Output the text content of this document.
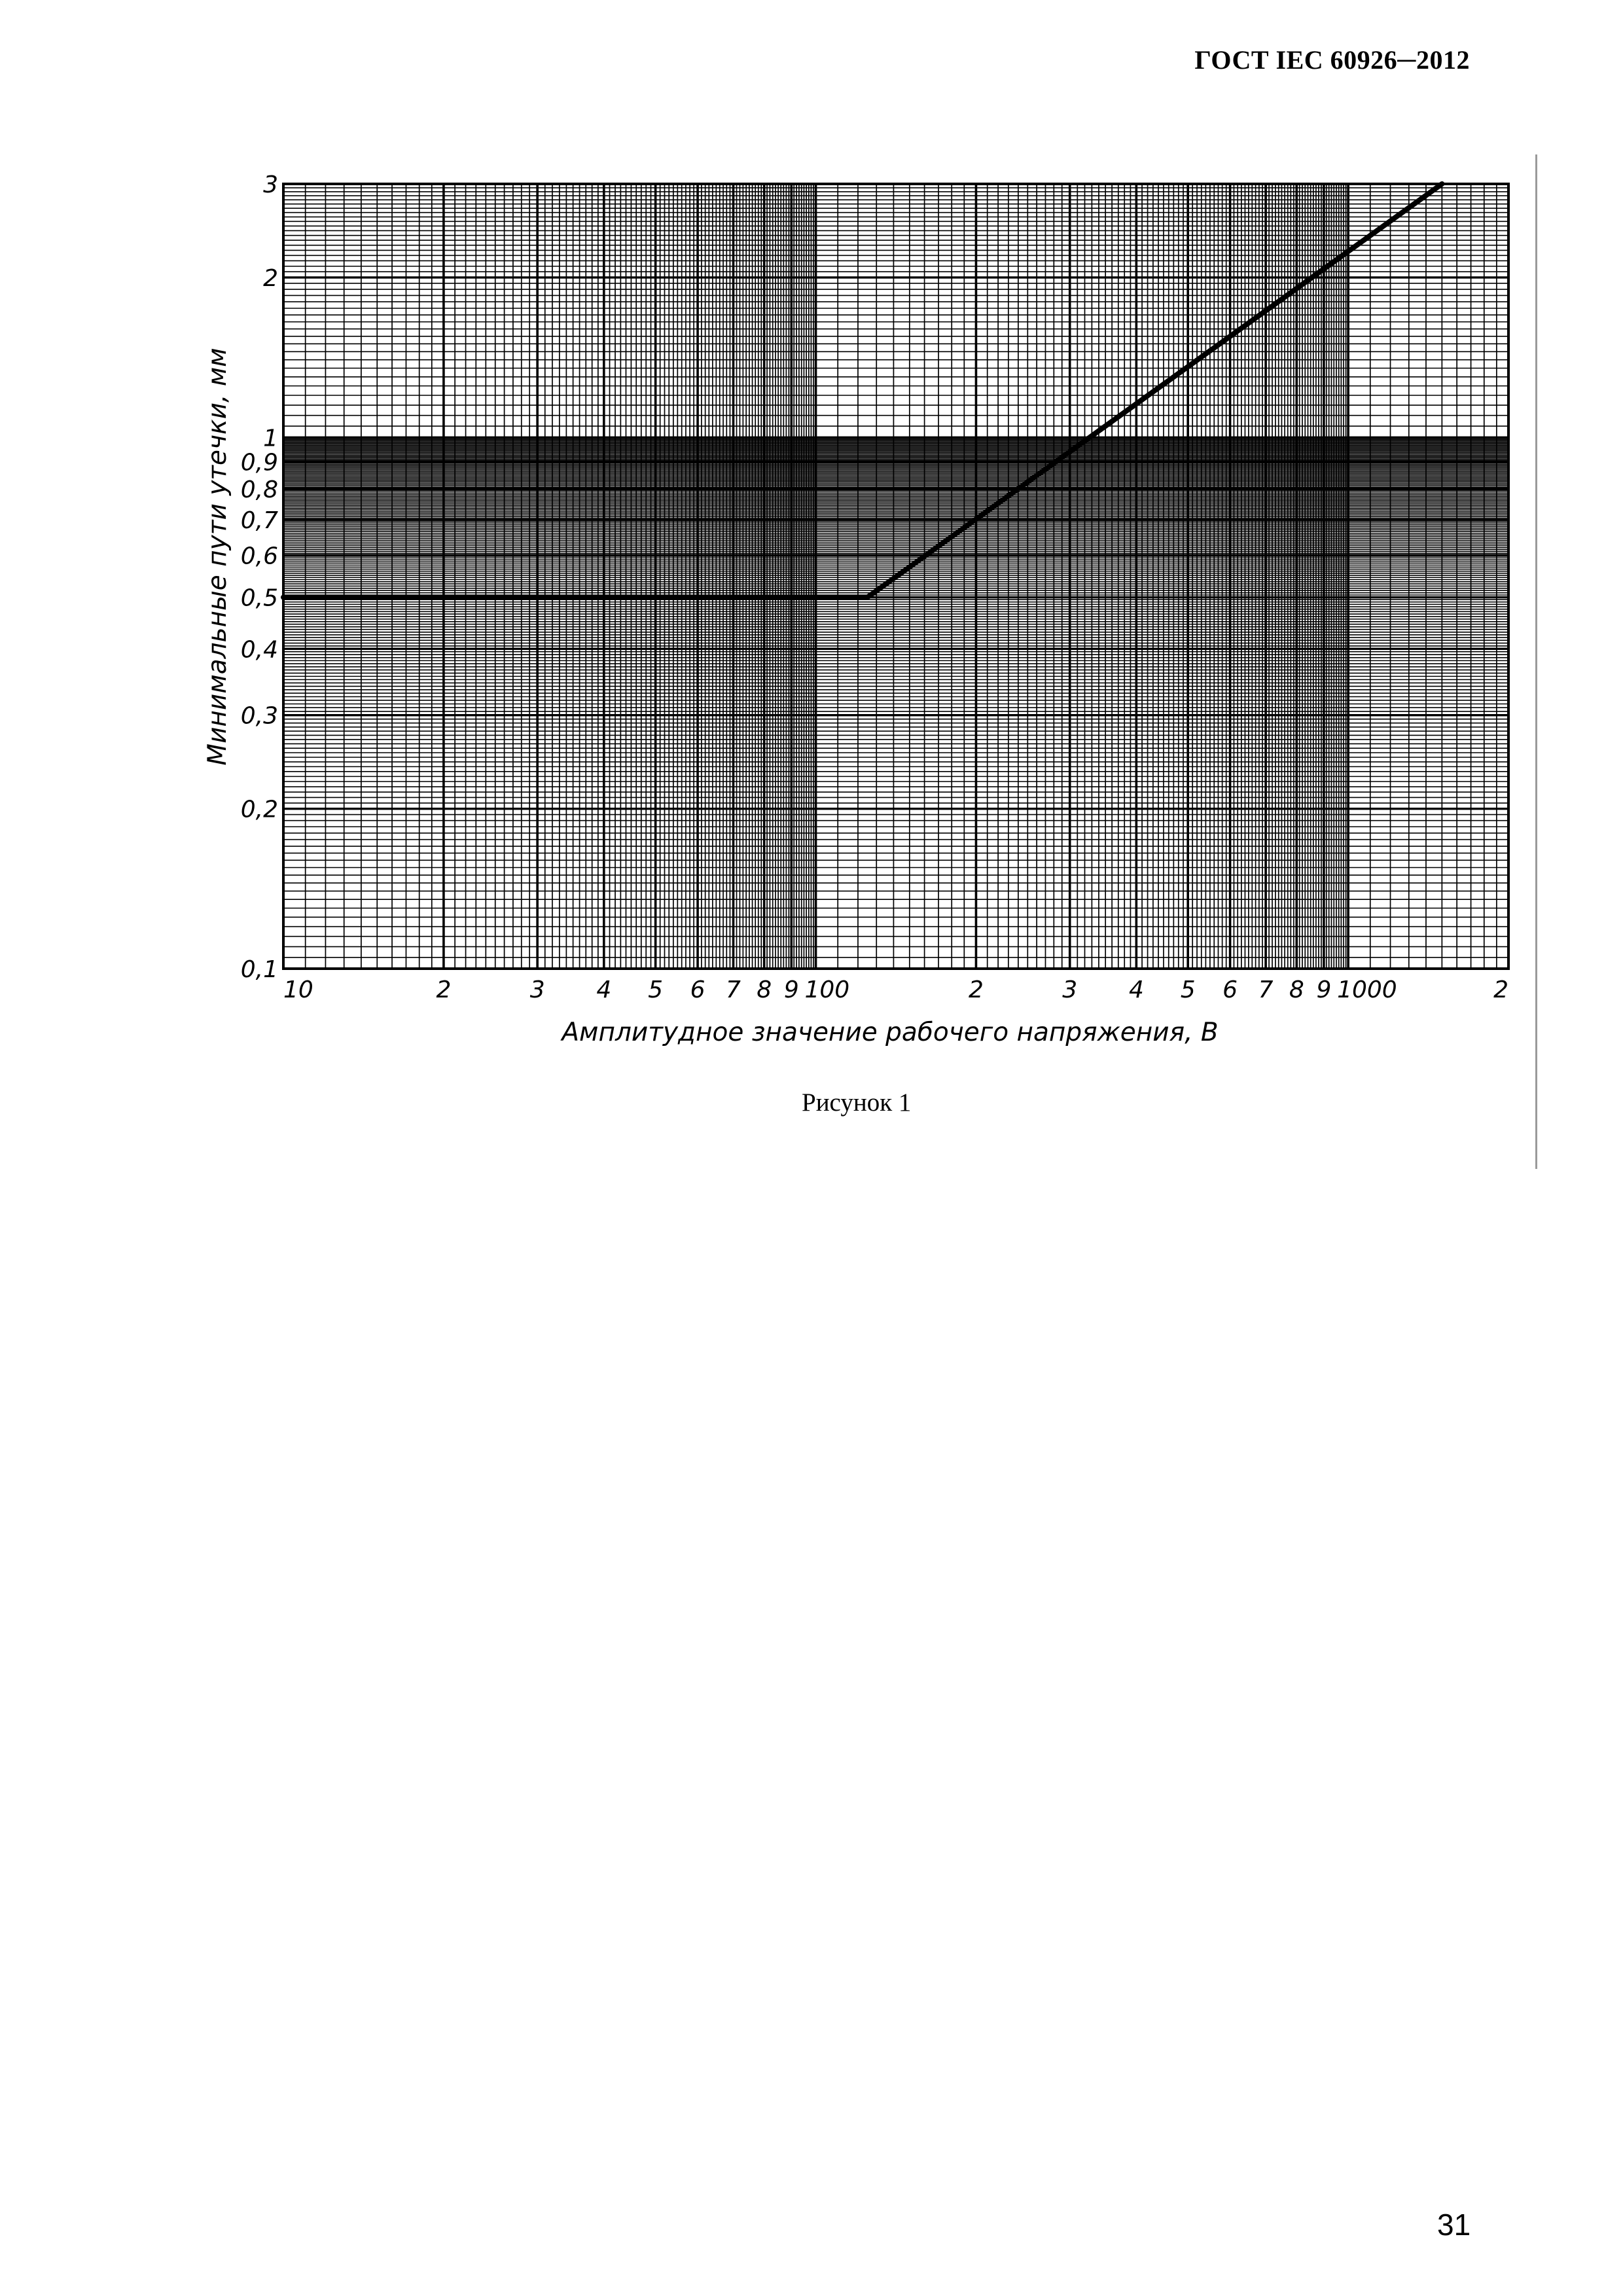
ГОСТ IEC 60926─2012
10	2	3 4 5 6 7 8 9 100	2	3 4 5 6 7 8 9 1000	2
0,1
0,2
0,3
0,4
0,5
0,6
0,7
0,8
0,9
1
2
3
Амплитудное значение рабочего напряжения, В
Минимальные пути утечки, мм
Рисунок 1
31
